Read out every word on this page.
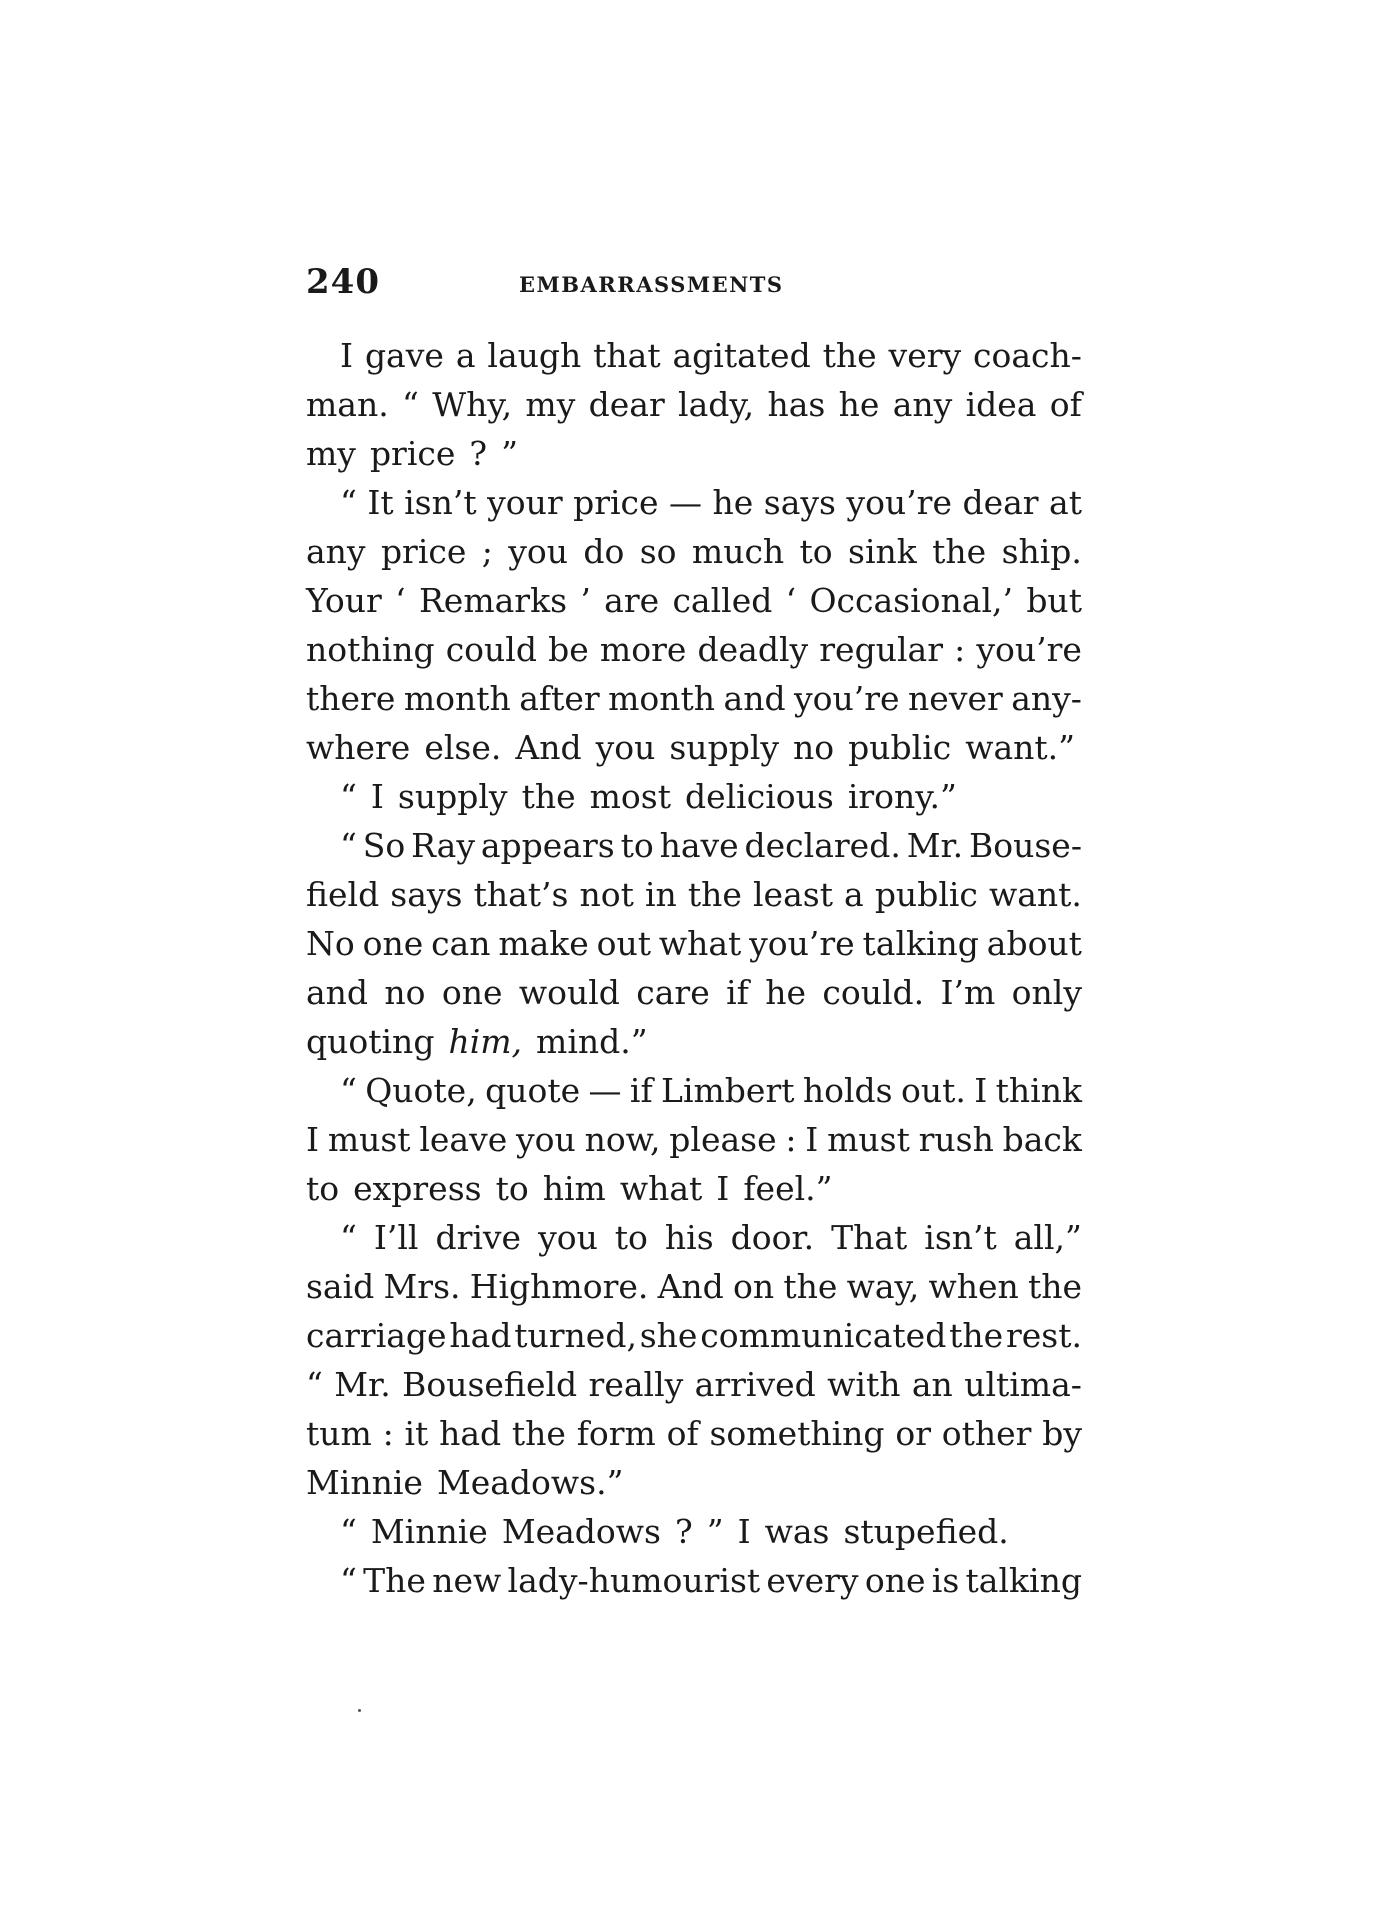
240	EMBARRASSMENTS
I gave a laugh that agitated the very coach-
man. “ Why, my dear lady, has he any idea of
my price ? ”
“ It isn’t your price — he says you’re dear at
any price ; you do so much to sink the ship.
Your ‘ Remarks ’ are called ‘ Occasional,’ but
nothing could be more deadly regular : you’re
there month after month and you’re never any-
where else. And you supply no public want.”
“ I supply the most delicious irony.”
“ So Ray appears to have declared. Mr. Bouse-
field says that’s not in the least a public want.
No one can make out what you’re talking about
and no one would care if he could. I’m only
quoting him, mind.”
“ Quote, quote — if Limbert holds out. I think
I must leave you now, please : I must rush back
to express to him what I feel.”
“ I’ll drive you to his door. That isn’t all,”
said Mrs. Highmore. And on the way, when the
carriage had turned, she communicated the rest.
“ Mr. Bousefield really arrived with an ultima-
tum : it had the form of something or other by
Minnie Meadows.”
“ Minnie Meadows ? ” I was stupefied.
“ The new lady-humourist every one is talking
